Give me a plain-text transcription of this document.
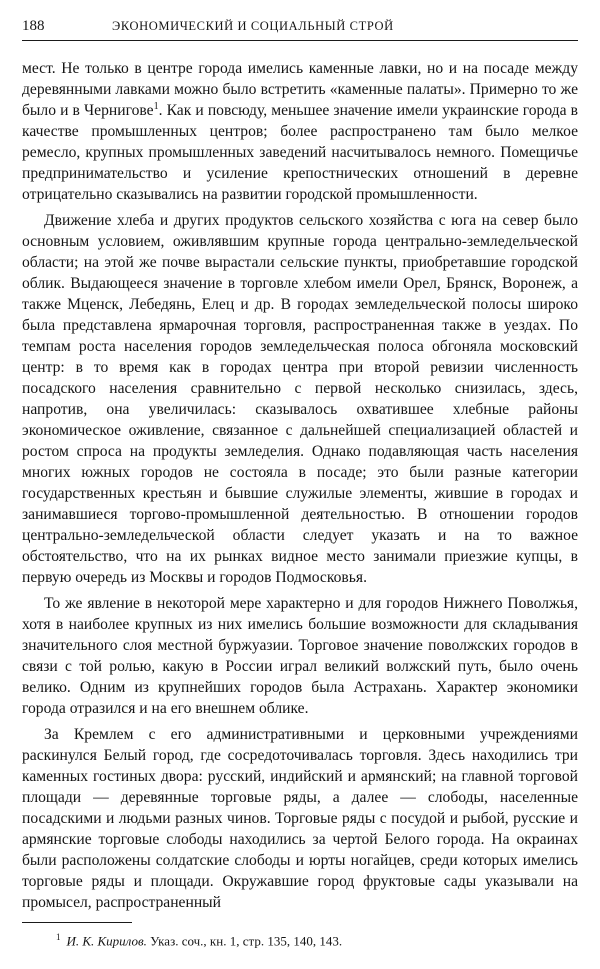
188	ЭКОНОМИЧЕСКИЙ И СОЦИАЛЬНЫЙ СТРОЙ

мест. Не только в центре города имелись каменные лавки, но и на посаде между деревянными лавками можно было встретить «каменные палаты». Примерно то же было и в Чернигове$^1$. Как и повсюду, меньшее значение имели украинские города в качестве промышленных центров; более распространено там было мелкое ремесло, крупных промышленных заведений насчитывалось немного. Помещичье предпринимательство и усиление крепостнических отношений в деревне отрицательно сказывались на развитии городской промышленности.

Движение хлеба и других продуктов сельского хозяйства с юга на север было основным условием, оживлявшим крупные города центрально-земледельческой области; на этой же почве вырастали сельские пункты, приобретавшие городской облик. Выдающееся значение в торговле хлебом имели Орел, Брянск, Воронеж, а также Мценск, Лебедянь, Елец и др. В городах земледельческой полосы широко была представлена ярмарочная торговля, распространенная также в уездах. По темпам роста населения городов земледельческая полоса обгоняла московский центр: в то время как в городах центра при второй ревизии численность посадского населения сравнительно с первой несколько снизилась, здесь, напротив, она увеличилась: сказывалось охватившее хлебные районы экономическое оживление, связанное с дальнейшей специализацией областей и ростом спроса на продукты земледелия. Однако подавляющая часть населения многих южных городов не состояла в посаде; это были разные категории государственных крестьян и бывшие служилые элементы, жившие в городах и занимавшиеся торгово-промышленной деятельностью. В отношении городов центрально-земледельческой области следует указать и на то важное обстоятельство, что на их рынках видное место занимали приезжие купцы, в первую очередь из Москвы и городов Подмосковья.

То же явление в некоторой мере характерно и для городов Нижнего Поволжья, хотя в наиболее крупных из них имелись большие возможности для складывания значительного слоя местной буржуазии. Торговое значение поволжских городов в связи с той ролью, какую в России играл великий волжский путь, было очень велико. Одним из крупнейших городов была Астрахань. Характер экономики города отразился и на его внешнем облике.

За Кремлем с его административными и церковными учреждениями раскинулся Белый город, где сосредоточивалась торговля. Здесь находились три каменных гостиных двора: русский, индийский и армянский; на главной торговой площади — деревянные торговые ряды, а далее — слободы, населенные посадскими и людьми разных чинов. Торговые ряды с посудой и рыбой, русские и армянские торговые слободы находились за чертой Белого города. На окраинах были расположены солдатские слободы и юрты ногайцев, среди которых имелись торговые ряды и площади. Окружавшие город фруктовые сады указывали на промысел, распространенный

$^1$ И. К. Кирилов. Указ. соч., кн. 1, стр. 135, 140, 143.
